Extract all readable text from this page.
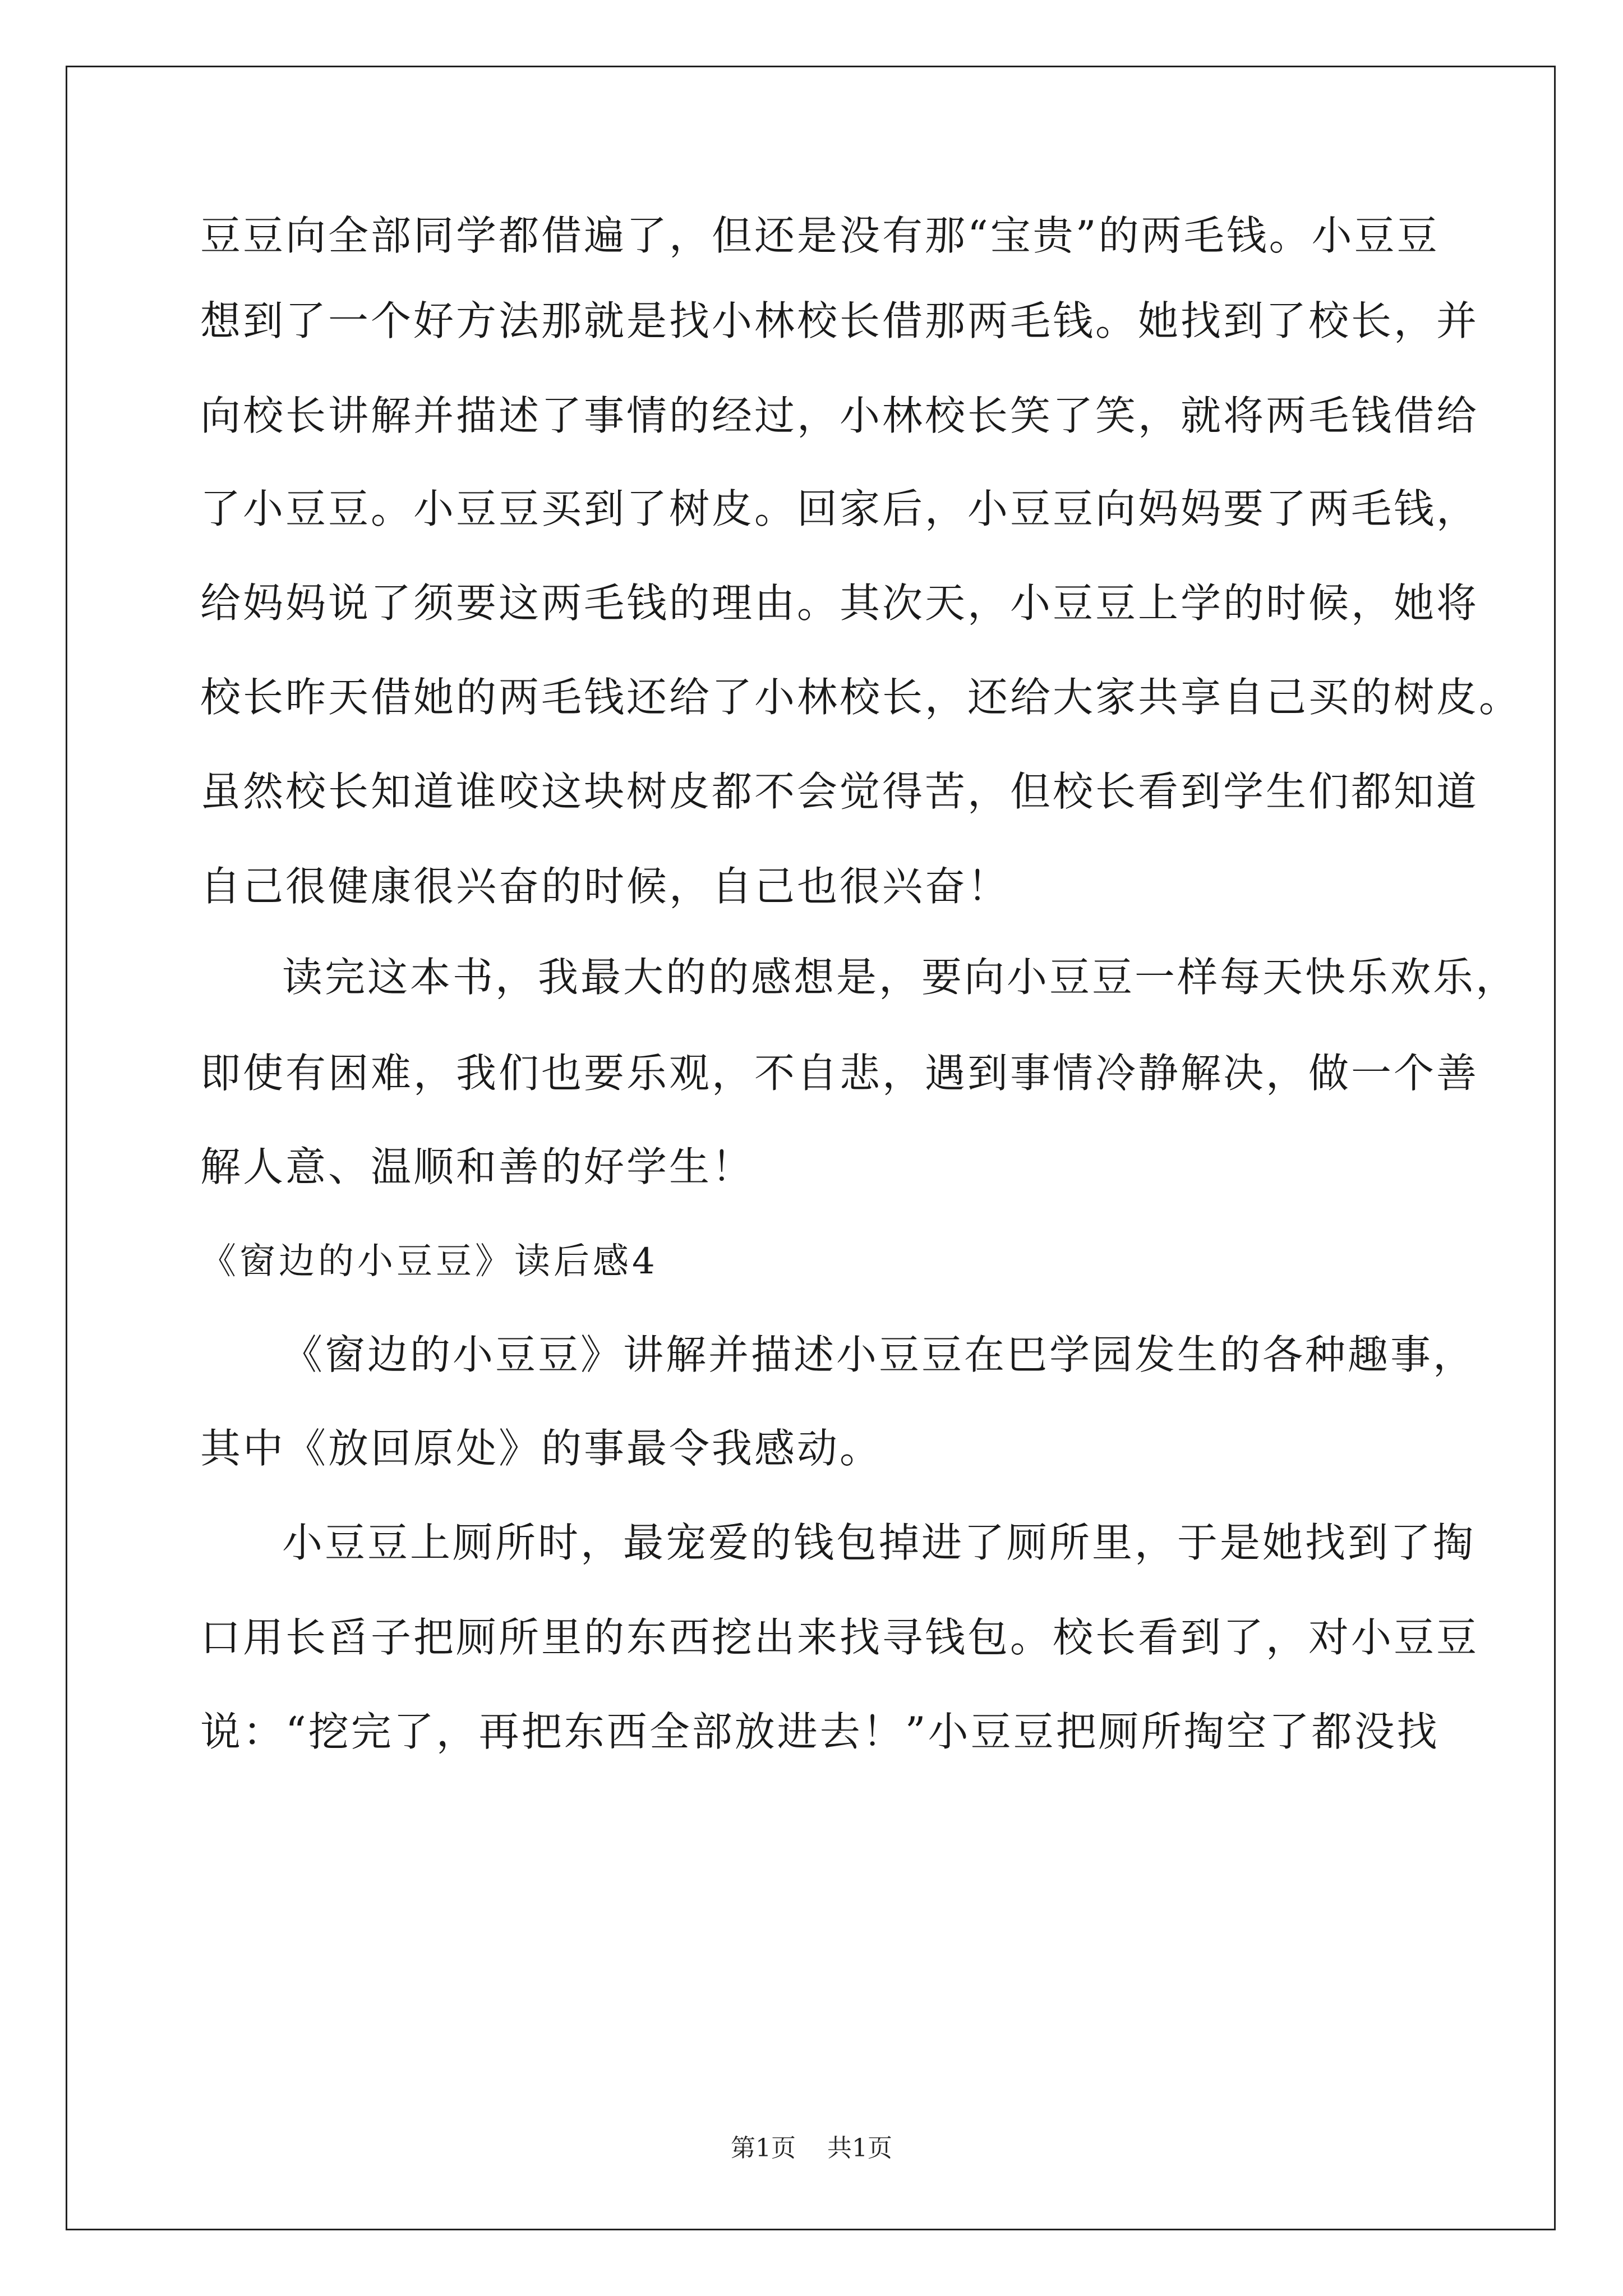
豆豆向全部同学都借遍了，但还是没有那“宝贵”的两毛钱。小豆豆
想到了一个好方法那就是找小林校长借那两毛钱。她找到了校长，并
向校长讲解并描述了事情的经过，小林校长笑了笑，就将两毛钱借给
了小豆豆。小豆豆买到了树皮。回家后，小豆豆向妈妈要了两毛钱，
给妈妈说了须要这两毛钱的理由。其次天，小豆豆上学的时候，她将
校长昨天借她的两毛钱还给了小林校长，还给大家共享自己买的树皮。
虽然校长知道谁咬这块树皮都不会觉得苦，但校长看到学生们都知道
自己很健康很兴奋的时候，自己也很兴奋！
读完这本书，我最大的的感想是，要向小豆豆一样每天快乐欢乐，
即使有困难，我们也要乐观，不自悲，遇到事情冷静解决，做一个善
解人意、温顺和善的好学生！
《窗边的小豆豆》读后感4
《窗边的小豆豆》讲解并描述小豆豆在巴学园发生的各种趣事，
其中《放回原处》的事最令我感动。
小豆豆上厕所时，最宠爱的钱包掉进了厕所里，于是她找到了掏
口用长舀子把厕所里的东西挖出来找寻钱包。校长看到了，对小豆豆
说：“挖完了，再把东西全部放进去！”小豆豆把厕所掏空了都没找
第1页 共1页
